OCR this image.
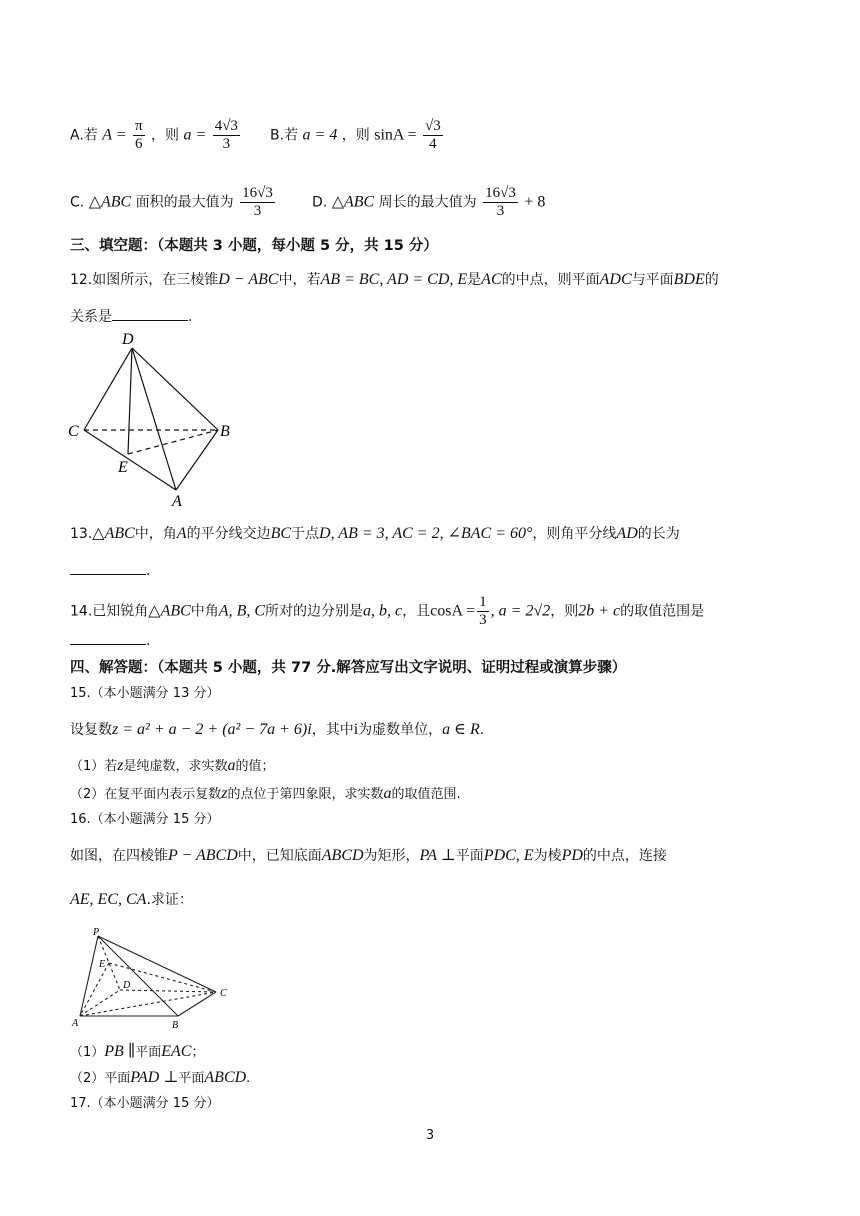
A.若 $A = \frac{\pi}{6}$ ，则 $a = \frac{4√3}{3} B$.若 a = 4 ，则 $\sin A = \frac{√3}{4}$
C. △ABC 面积的最大值为 $\frac{16√3}{3}$	D. △ABC 周长的最大值为 $\frac{16√3}{3} + 8$
三、填空题：（本题共 3 小题，每小题 5 分，共 15 分）
12.如图所示，在三棱锥D − ABC中，若AB = BC, AD = CD, E是AC的中点，则平面ADC与平面BDE的
关系是	.
D
C	B
E
A
13.△ABC中，角A的平分线交边BC于点D, AB = 3, AC = 2, ∠BAC = 60°，则角平分线AD的长为
.
14.已知锐角△ABC中角A, B, C所对的边分别是a, b, c，且$\cos A = \frac{1}{3}$ , a = 2√2，则2b + c的取值范围是
.
四、解答题：（本题共 5 小题，共 77 分.解答应写出文字说明、证明过程或演算步骤）
15.（本小题满分 13 分）
设复数z = a² + a − 2 + (a² − 7a + 6)i，其中i为虚数单位，a ∈ R.
（1）若z是纯虚数，求实数a的值；
（2）在复平面内表示复数z的点位于第四象限，求实数a的取值范围.
16.（本小题满分 15 分）
如图，在四棱锥P − ABCD中，已知底面ABCD为矩形，PA ⊥平面PDC, E为棱PD的中点，连接
AE, EC, CA.求证：
P
E
D
C
A	B
（1）PB ∥平面EAC；
（2）平面PAD ⊥平面ABCD.
17.（本小题满分 15 分）
3
